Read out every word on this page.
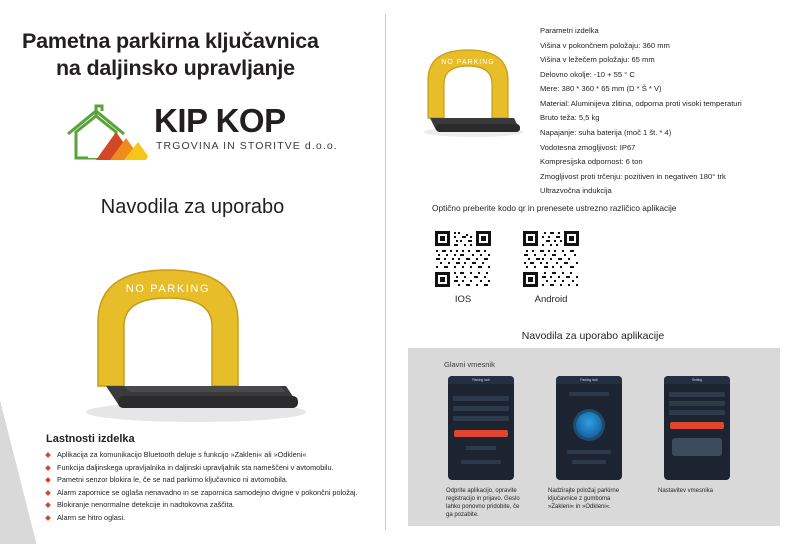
Pametna parkirna ključavnica
na daljinsko upravljanje
KIP KOP
TRGOVINA IN STORITVE d.o.o.
Navodila za uporabo
NO PARKING
Lastnosti izdelka
Aplikacija za komunikacijo Bluetooth deluje s funkcijo »Zakleni« ali »Odkleni«
Funkcija daljinskega upravljalnika in daljinski upravljalnik sta nameščeni v avtomobilu.
Pametni senzor blokira le, če se nad parkirno ključavnico ni avtomobila.
Alarm zapornice se oglaša nenavadno in se zapornica samodejno dvigne v pokončni položaj.
Blokiranje nenormalne detekcije in nadtokovna zaščita.
Alarm se hitro oglasi.
NO PARKING
Parametri izdelka
Višina v pokončnem položaju: 360 mm
Višina v ležečem položaju: 65 mm
Delovno okolje: -10 + 55 ° C
Mere: 380 * 360 * 65 mm (D * Š * V)
Material: Aluminijeva zlitina, odporna proti visoki temperaturi
Bruto teža: 5,5 kg
Napajanje: suha baterija (moč 1 št. * 4)
Vodotesna zmogljivost: IP67
Kompresijska odpornost: 6 ton
Zmogljivost proti trčenju: pozitiven in negativen 180° trk
Ultrazvočna indukcija
Optično preberite kodo qr in prenesete ustrezno različico aplikacije
IOS	Android
Navodila za uporabo aplikacije
Glavni vmesnik
Parking lock	Parking lock	Setting
Odprite aplikacijo, opravite registracijo in prijavo. Geslo lahko ponovno pridobite, če ga pozabite.
Nadzirajte položaj parkirne ključavnice z gumboma »Zakleni« in »Odkleni«.
Nastavitev vmesnika
